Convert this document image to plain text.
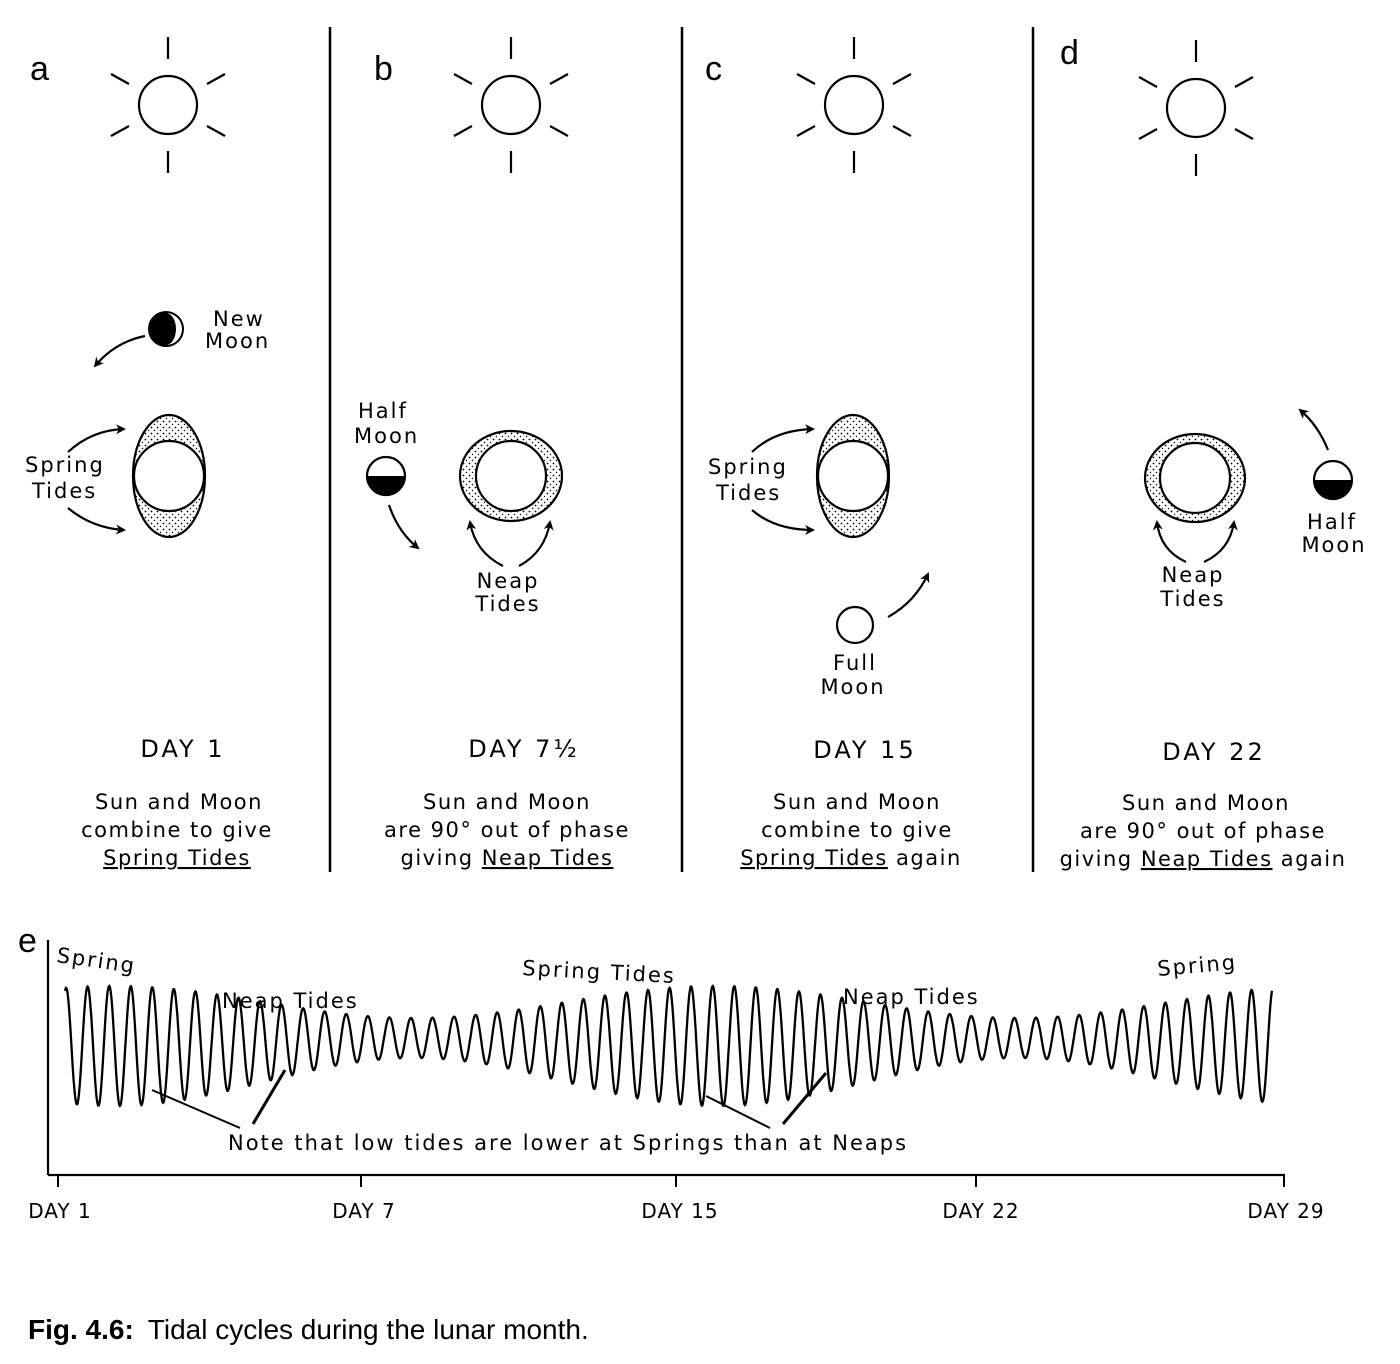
a
New
Moon
Spring
Tides
DAY 1
Sun and Moon
combine to give
Spring Tides
b
Half
Moon
Neap
Tides
DAY 7½
Sun and Moon
are 90° out of phase
giving Neap Tides
c
Spring
Tides
Full
Moon
DAY 15
Sun and Moon
combine to give
Spring Tides again
d
Neap
Tides
Half
Moon
DAY 22
Sun and Moon
are 90° out of phase
giving Neap Tides again
e
DAY 1	DAY 7	DAY 15	DAY 22	DAY 29
Spring
Neap Tides
Spring Tides
Neap Tides
Spring
Note that low tides are lower at Springs than at Neaps
Fig. 4.6: Tidal cycles during the lunar month.
